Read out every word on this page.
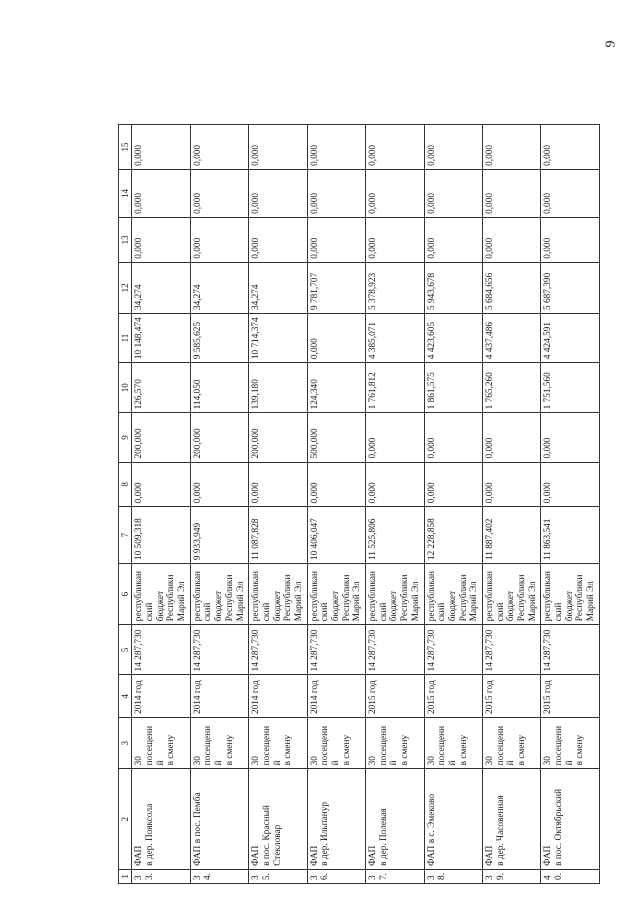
9
1	2	3	4	5	6	7	8	9	10	11	12	13	14	15
33.	ФАП
в дер. Пояксола	30 посещений
в смену	2014 год	14 287,730	республиканский
бюджет
Республики
Марий Эл	10 509,318	0,000	200,000	126,570	10 148,474	34,274	0,000	0,000	0,000
34.	ФАП в пос. Пемба	30 посещений
в смену	2014 год	14 287,730	республиканский
бюджет
Республики
Марий Эл	9 933,949	0,000	200,000	114,050	9 585,625	34,274	0,000	0,000	0,000
35.	ФАП
в пос. Красный
Стекловар	30 посещений
в смену	2014 год	14 287,730	республиканский
бюджет
Республики
Марий Эл	11 087,828	0,000	200,000	139,180	10 714,374	34,274	0,000	0,000	0,000
36.	ФАП
в дер. Ильпанур	30 посещений
в смену	2014 год	14 287,730	республиканский
бюджет
Республики
Марий Эл	10 406,047	0,000	500,000	124,340	0,000	9 781,707	0,000	0,000	0,000
37.	ФАП
в дер. Полевая	30 посещений
в смену	2015 год	14 287,730	республиканский
бюджет
Республики
Марий Эл	11 525,806	0,000	0,000	1 761,812	4 385,071	5 378,923	0,000	0,000	0,000
38.	ФАП в с. Эмеково	30 посещений
в смену	2015 год	14 287,730	республиканский
бюджет
Республики
Марий Эл	12 228,858	0,000	0,000	1 861,575	4 423,605	5 943,678	0,000	0,000	0,000
39.	ФАП
в дер. Часовенная	30 посещений
в смену	2015 год	14 287,730	республиканский
бюджет
Республики
Марий Эл	11 887,402	0,000	0,000	1 765,260	4 437,486	5 684,656	0,000	0,000	0,000
40.	ФАП
в пос. Октябрьский	30 посещений
в смену	2015 год	14 287,730	республиканский
бюджет
Республики
Марий Эл	11 863,541	0,000	0,000	1 751,560	4 424,591	5 687,390	0,000	0,000	0,000
